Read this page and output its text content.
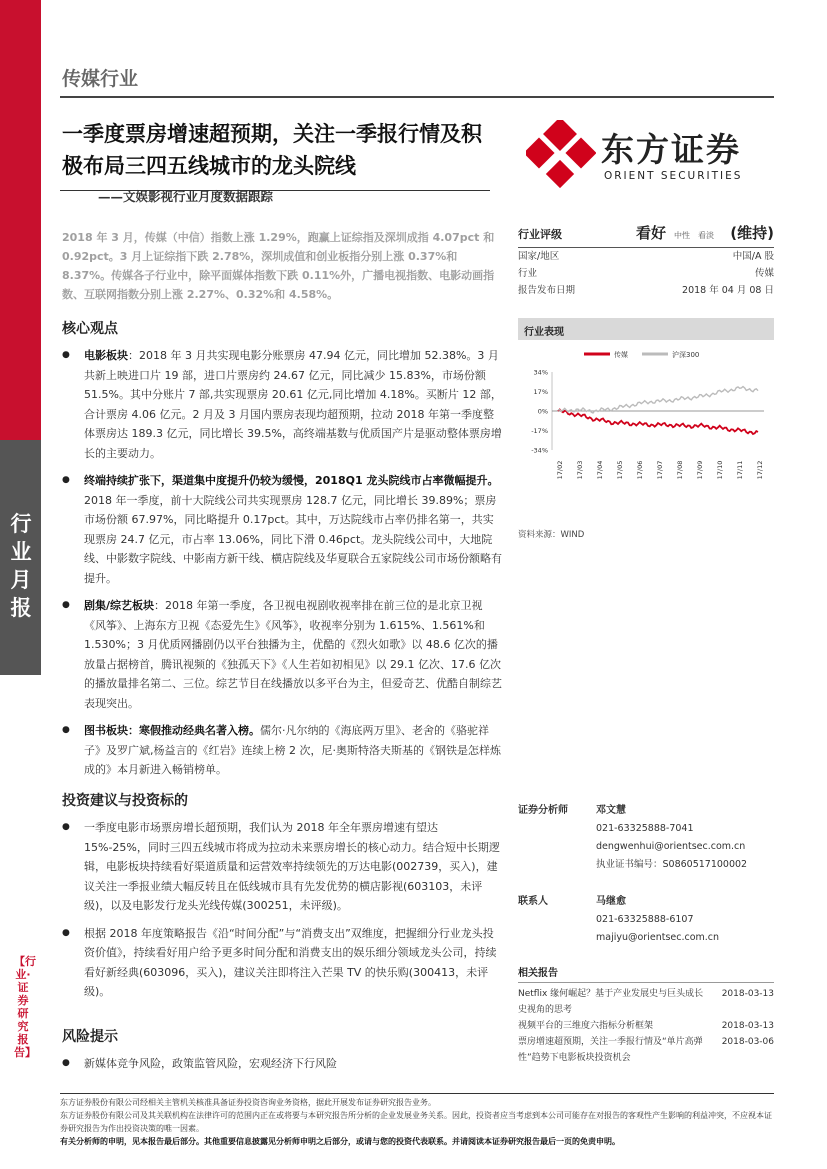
行业月报
【行业·证券研究报告】
传媒行业
一季度票房增速超预期，关注一季报行情及积极布局三四五线城市的龙头院线
——文娱影视行业月度数据跟踪
东方证券
ORIENT SECURITIES
2018 年 3 月，传媒（中信）指数上涨 1.29%，跑赢上证综指及深圳成指 4.07pct 和 0.92pct。3 月上证综指下跌 2.78%，深圳成值和创业板指分别上涨 0.37%和 8.37%。传媒各子行业中，除平面媒体指数下跌 0.11%外，广播电视指数、电影动画指数、互联网指数分别上涨 2.27%、0.32%和 4.58%。
核心观点
● 电影板块：2018 年 3 月共实现电影分账票房 47.94 亿元，同比增加 52.38%。3 月共新上映进口片 19 部，进口片票房约 24.67 亿元，同比减少 15.83%，市场份额 51.5%。其中分账片 7 部,共实现票房 20.61 亿元,同比增加 4.18%。买断片 12 部，合计票房 4.06 亿元。2 月及 3 月国内票房表现均超预期，拉动 2018 年第一季度整体票房达 189.3 亿元，同比增长 39.5%，高终端基数与优质国产片是驱动整体票房增长的主要动力。
● 终端持续扩张下，渠道集中度提升仍较为缓慢，2018Q1 龙头院线市占率微幅提升。2018 年一季度，前十大院线公司共实现票房 128.7 亿元，同比增长 39.89%；票房市场份额 67.97%，同比略提升 0.17pct。其中，万达院线市占率仍排名第一，共实现票房 24.7 亿元，市占率 13.06%，同比下滑 0.46pct。龙头院线公司中，大地院线、中影数字院线、中影南方新干线、横店院线及华夏联合五家院线公司市场份额略有提升。
● 剧集/综艺板块：2018 年第一季度，各卫视电视剧收视率排在前三位的是北京卫视《风筝》、上海东方卫视《态爱先生》《风筝》，收视率分别为 1.615%、1.561%和 1.530%；3 月优质网播剧仍以平台独播为主，优酷的《烈火如歌》以 48.6 亿次的播放量占据榜首，腾讯视频的《独孤天下》《人生若如初相见》以 29.1 亿次、17.6 亿次的播放量排名第二、三位。综艺节目在线播放以多平台为主，但爱奇艺、优酷自制综艺表现突出。
● 图书板块：寒假推动经典名著入榜。儒尔·凡尔纳的《海底两万里》、老舍的《骆驼祥子》及罗广斌,杨益言的《红岩》连续上榜 2 次，尼·奥斯特洛夫斯基的《钢铁是怎样炼成的》本月新进入畅销榜单。
投资建议与投资标的
● 一季度电影市场票房增长超预期，我们认为 2018 年全年票房增速有望达 15%-25%，同时三四五线城市将成为拉动未来票房增长的核心动力。结合短中长期逻辑，电影板块持续看好渠道质量和运营效率持续领先的万达电影(002739，买入)，建议关注一季报业绩大幅反转且在低线城市具有先发优势的横店影视(603103，未评级)，以及电影发行龙头光线传媒(300251，未评级)。
● 根据 2018 年度策略报告《沿“时间分配”与“消费支出”双维度，把握细分行业龙头投资价值》，持续看好用户给予更多时间分配和消费支出的娱乐细分领域龙头公司，持续看好新经典(603096，买入)，建议关注即将注入芒果 TV 的快乐购(300413，未评级)。
风险提示
● 新媒体竞争风险，政策监管风险，宏观经济下行风险
行业评级	看好 中性　看淡 (维持)
国家/地区	中国/A 股
行业	传媒
报告发布日期	2018 年 04 月 08 日
行业表现
传媒	沪深300
34%
17%
0%
-17%
-34%
17/02 17/03 17/04 17/05 17/06 17/07 17/08 17/09 17/10 17/11 17/12
资料来源：WIND
证券分析师	邓文慧
021-63325888-7041
dengwenhui@orientsec.com.cn
执业证书编号：S0860517100002
联系人	马继愈
021-63325888-6107
majiyu@orientsec.com.cn
相关报告
Netflix 缘何崛起？基于产业发展史与巨头成长史视角的思考
2018-03-13
视频平台的三维度六指标分析框架	2018-03-13
票房增速超预期，关注一季报行情及“单片高弹性”趋势下电影板块投资机会
2018-03-06
东方证券股份有限公司经相关主管机关核准具备证券投资咨询业务资格，据此开展发布证券研究报告业务。
东方证券股份有限公司及其关联机构在法律许可的范围内正在或将要与本研究报告所分析的企业发展业务关系。因此，投资者应当考虑到本公司可能存在对报告的客观性产生影响的利益冲突，不应视本证券研究报告为作出投资决策的唯一因素。
有关分析师的申明，见本报告最后部分。其他重要信息披露见分析师申明之后部分，或请与您的投资代表联系。并请阅读本证券研究报告最后一页的免责申明。
